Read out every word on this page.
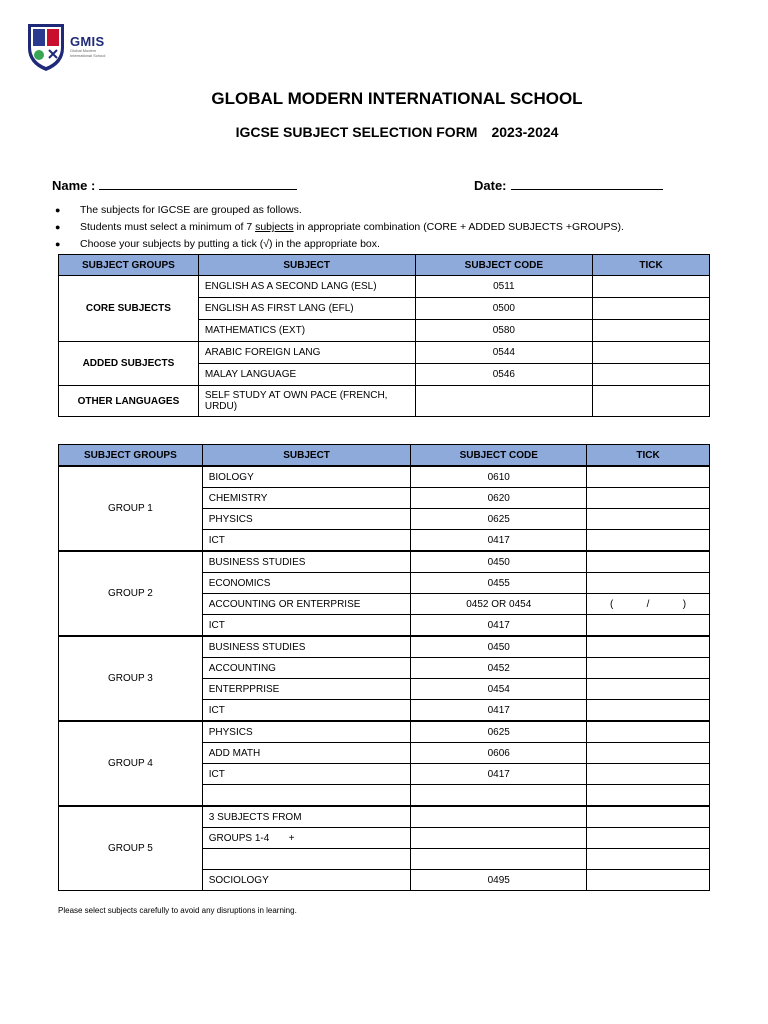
GMIS
Global Modern International School
GLOBAL MODERN INTERNATIONAL SCHOOL
IGCSE SUBJECT SELECTION FORM 2023-2024
Name :	Date:
● The subjects for IGCSE are grouped as follows.
● Students must select a minimum of 7 subjects in appropriate combination (CORE + ADDED SUBJECTS +GROUPS).
● Choose your subjects by putting a tick (√) in the appropriate box.
SUBJECT GROUPS	SUBJECT	SUBJECT CODE	TICK
CORE SUBJECTS	ENGLISH AS A SECOND LANG (ESL)	0511	
	ENGLISH AS FIRST LANG (EFL)	0500	
	MATHEMATICS (EXT)	0580	
ADDED SUBJECTS	ARABIC FOREIGN LANG	0544	
	MALAY LANGUAGE	0546	
OTHER LANGUAGES	SELF STUDY AT OWN PACE (FRENCH, URDU)		
SUBJECT GROUPS	SUBJECT	SUBJECT CODE	TICK
GROUP 1	BIOLOGY	0610	
	CHEMISTRY	0620	
	PHYSICS	0625	
	ICT	0417	
GROUP 2	BUSINESS STUDIES	0450	
	ECONOMICS	0455	
	ACCOUNTING OR ENTERPRISE	0452 OR 0454	(            /            )
	ICT	0417	
GROUP 3	BUSINESS STUDIES	0450	
	ACCOUNTING	0452	
	ENTERPPRISE	0454	
	ICT	0417	
GROUP 4	PHYSICS	0625	
	ADD MATH	0606	
	ICT	0417	

GROUP 5	3 SUBJECTS FROM		
	GROUPS 1-4       +		

	SOCIOLOGY	0495	
Please select subjects carefully to avoid any disruptions in learning.
